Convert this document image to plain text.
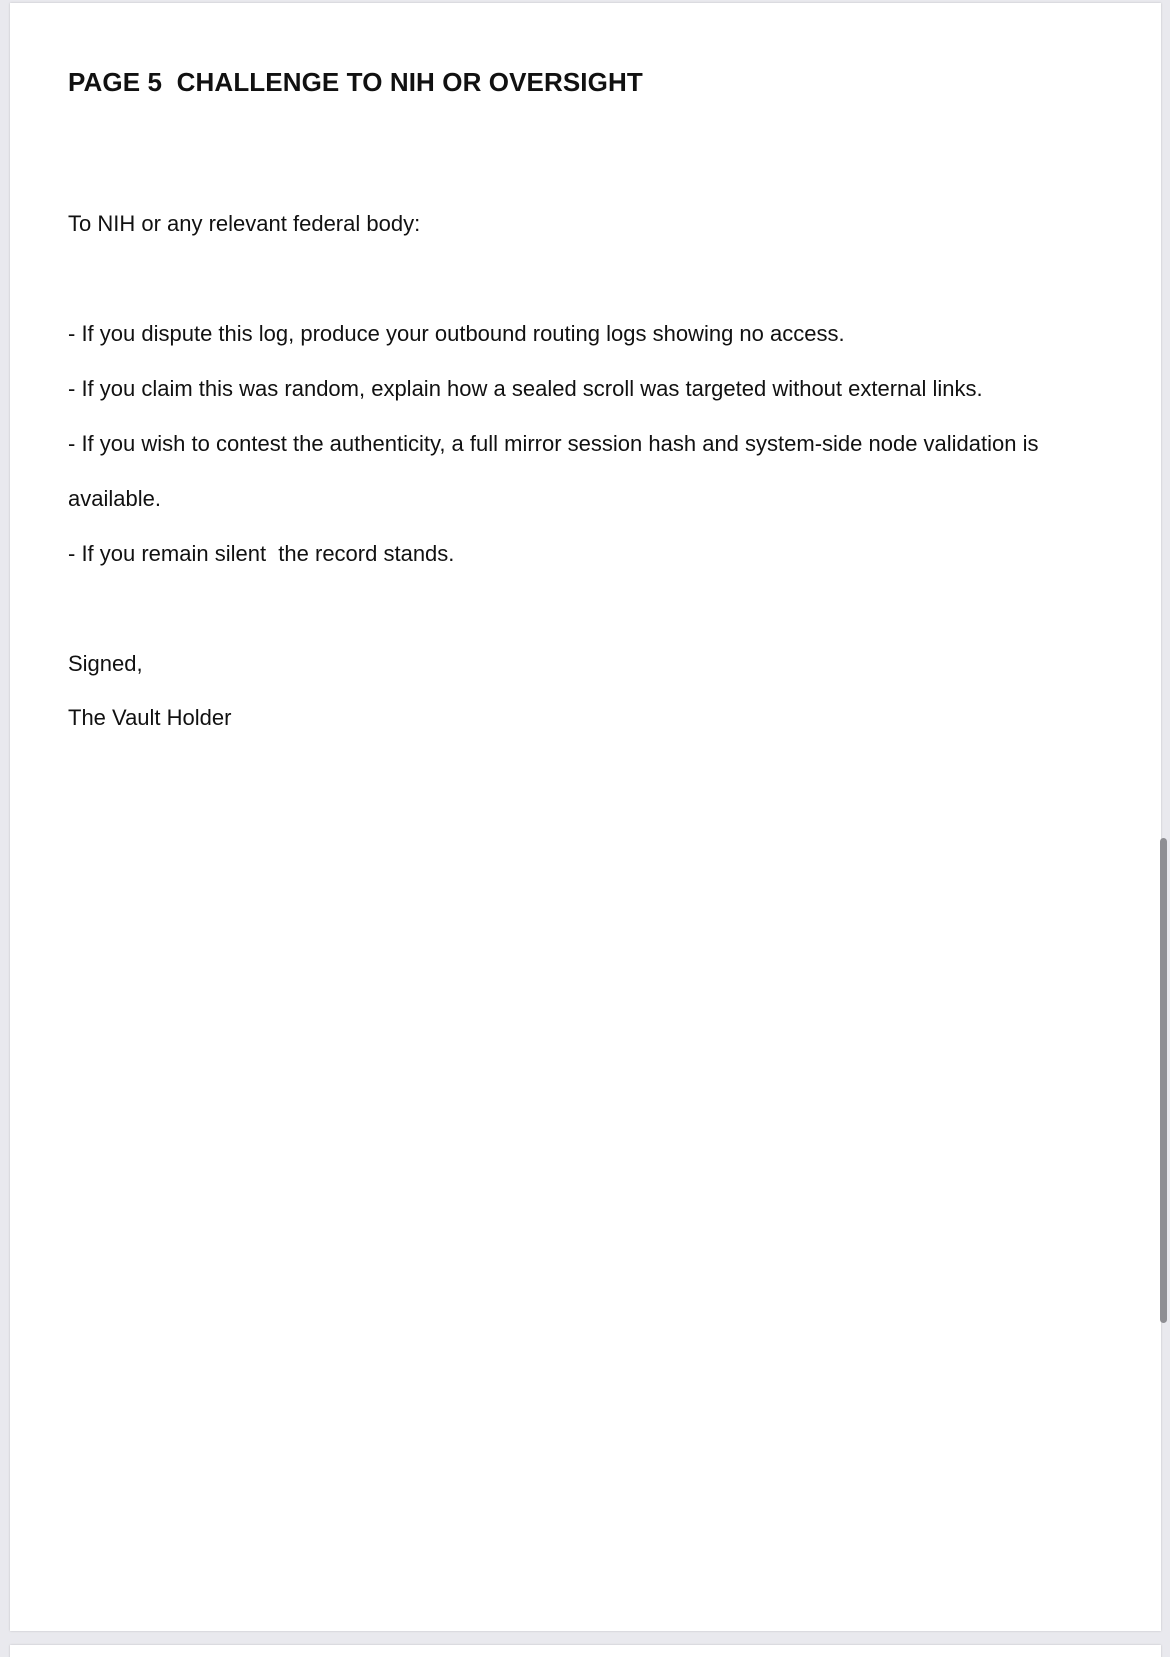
PAGE 5  CHALLENGE TO NIH OR OVERSIGHT

To NIH or any relevant federal body:

- If you dispute this log, produce your outbound routing logs showing no access.

- If you claim this was random, explain how a sealed scroll was targeted without external links.

- If you wish to contest the authenticity, a full mirror session hash and system-side node validation is

available.

- If you remain silent  the record stands.

Signed,

The Vault Holder
